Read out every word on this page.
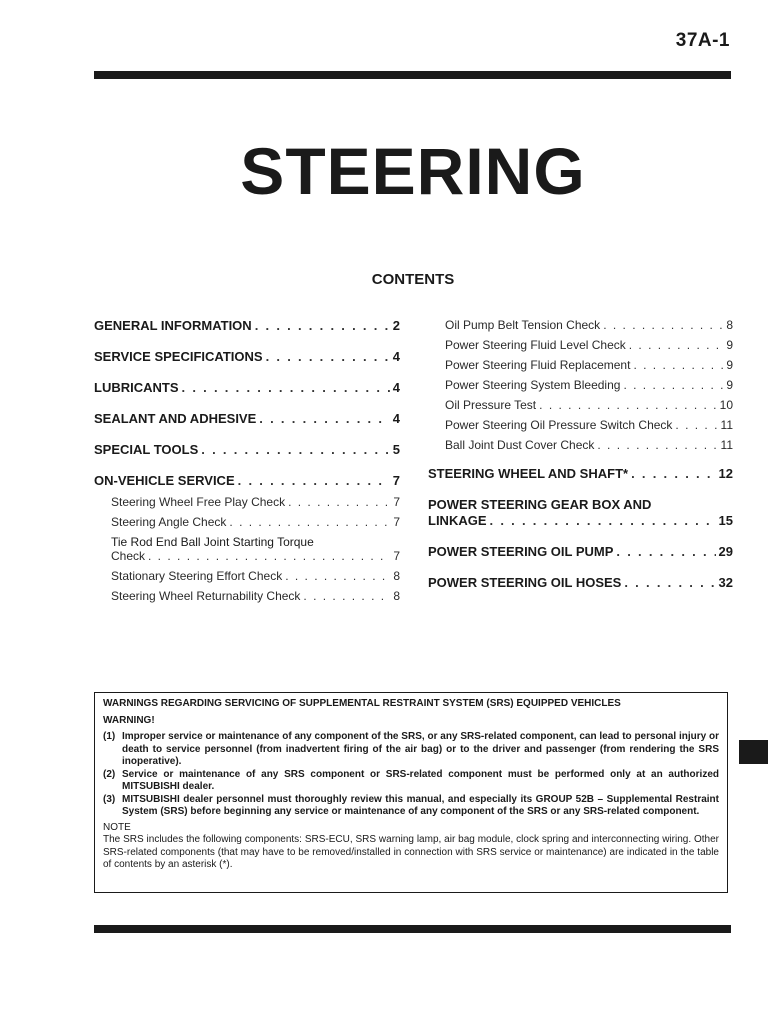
37A-1
STEERING
CONTENTS
GENERAL INFORMATION . . .	2
SERVICE SPECIFICATIONS . . .	4
LUBRICANTS . . .	4
SEALANT AND ADHESIVE . . .	4
SPECIAL TOOLS . . .	5
ON-VEHICLE SERVICE . . .	7
Steering Wheel Free Play Check . . .	7
Steering Angle Check . . .	7
Tie Rod End Ball Joint Starting Torque
Check . . .	7
Stationary Steering Effort Check . . .	8
Steering Wheel Returnability Check . . .	8
Oil Pump Belt Tension Check . . .	8
Power Steering Fluid Level Check . . .	9
Power Steering Fluid Replacement . . .	9
Power Steering System Bleeding . . .	9
Oil Pressure Test . . .	10
Power Steering Oil Pressure Switch Check . . .	11
Ball Joint Dust Cover Check . . .	11
STEERING WHEEL AND SHAFT* . . .	12
POWER STEERING GEAR BOX AND
LINKAGE . . .	15
POWER STEERING OIL PUMP . . .	29
POWER STEERING OIL HOSES . . .	32
WARNINGS REGARDING SERVICING OF SUPPLEMENTAL RESTRAINT SYSTEM (SRS) EQUIPPED VEHICLES
WARNING!
(1) Improper service or maintenance of any component of the SRS, or any SRS-related component, can lead to personal injury or death to service personnel (from inadvertent firing of the air bag) or to the driver and passenger (from rendering the SRS inoperative).
(2) Service or maintenance of any SRS component or SRS-related component must be performed only at an authorized MITSUBISHI dealer.
(3) MITSUBISHI dealer personnel must thoroughly review this manual, and especially its GROUP 52B – Supplemental Restraint System (SRS) before beginning any service or maintenance of any component of the SRS or any SRS-related component.
NOTE
The SRS includes the following components: SRS-ECU, SRS warning lamp, air bag module, clock spring and interconnecting wiring. Other SRS-related components (that may have to be removed/installed in connection with SRS service or maintenance) are indicated in the table of contents by an asterisk (*).
